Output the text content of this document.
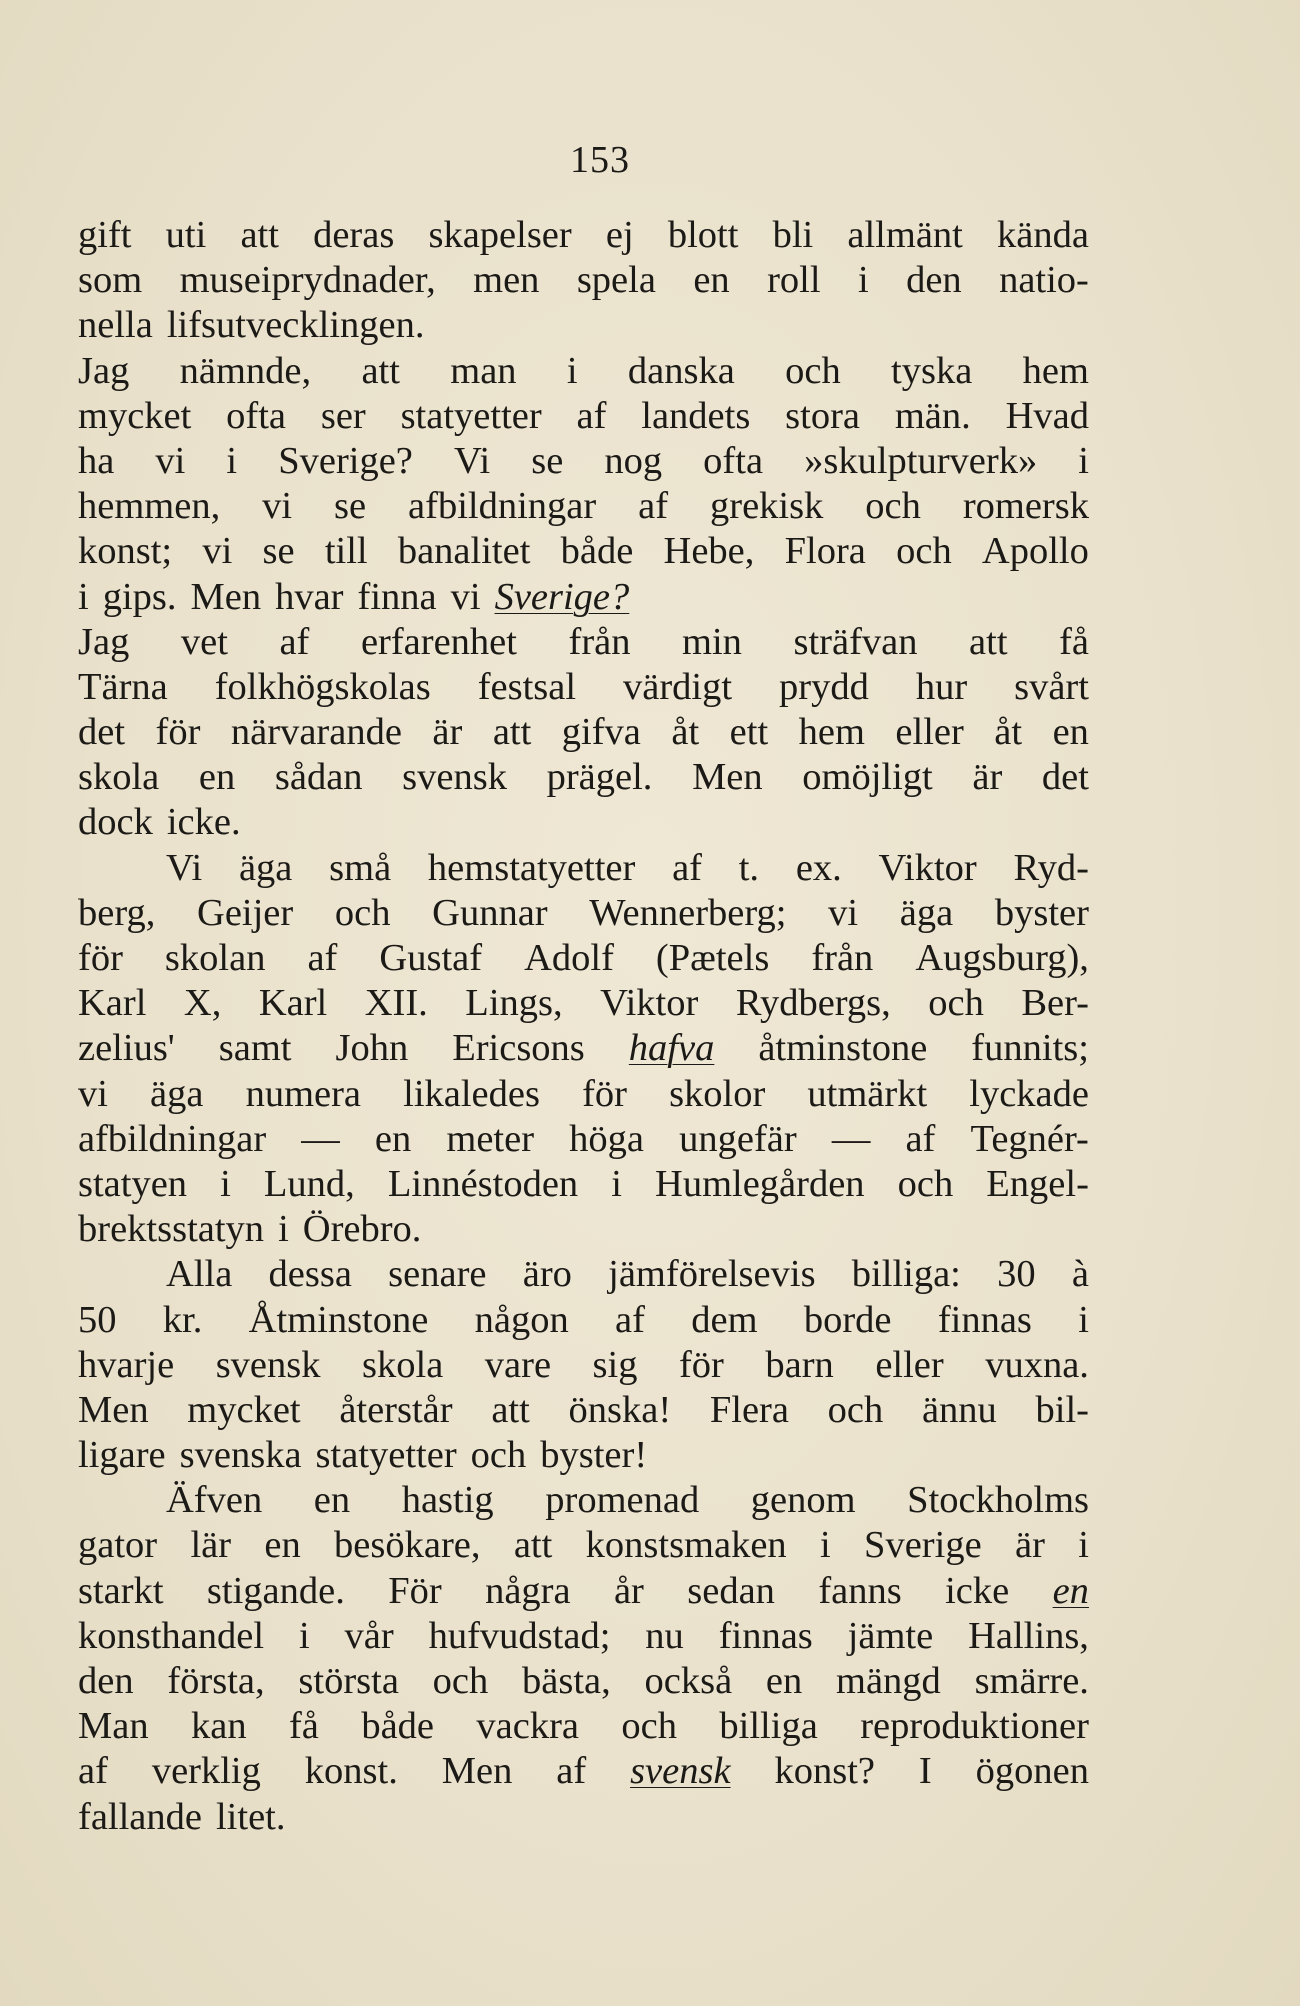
153
gift uti att deras skapelser ej blott bli allmänt kända
som museiprydnader, men spela en roll i den natio-
nella lifsutvecklingen.
Jag nämnde, att man i danska och tyska hem
mycket ofta ser statyetter af landets stora män. Hvad
ha vi i Sverige? Vi se nog ofta »skulpturverk» i
hemmen, vi se afbildningar af grekisk och romersk
konst; vi se till banalitet både Hebe, Flora och Apollo
i gips. Men hvar finna vi Sverige?
Jag vet af erfarenhet från min sträfvan att få
Tärna folkhögskolas festsal värdigt prydd hur svårt
det för närvarande är att gifva åt ett hem eller åt en
skola en sådan svensk prägel. Men omöjligt är det
dock icke.
Vi äga små hemstatyetter af t. ex. Viktor Ryd-
berg, Geijer och Gunnar Wennerberg; vi äga byster
för skolan af Gustaf Adolf (Pætels från Augsburg),
Karl X, Karl XII. Lings, Viktor Rydbergs, och Ber-
zelius' samt John Ericsons hafva åtminstone funnits;
vi äga numera likaledes för skolor utmärkt lyckade
afbildningar — en meter höga ungefär — af Tegnér-
statyen i Lund, Linnéstoden i Humlegården och Engel-
brektsstatyn i Örebro.
Alla dessa senare äro jämförelsevis billiga: 30 à
50 kr. Åtminstone någon af dem borde finnas i
hvarje svensk skola vare sig för barn eller vuxna.
Men mycket återstår att önska! Flera och ännu bil-
ligare svenska statyetter och byster!
Äfven en hastig promenad genom Stockholms
gator lär en besökare, att konstsmaken i Sverige är i
starkt stigande. För några år sedan fanns icke en
konsthandel i vår hufvudstad; nu finnas jämte Hallins,
den första, största och bästa, också en mängd smärre.
Man kan få både vackra och billiga reproduktioner
af verklig konst. Men af svensk konst? I ögonen
fallande litet.
